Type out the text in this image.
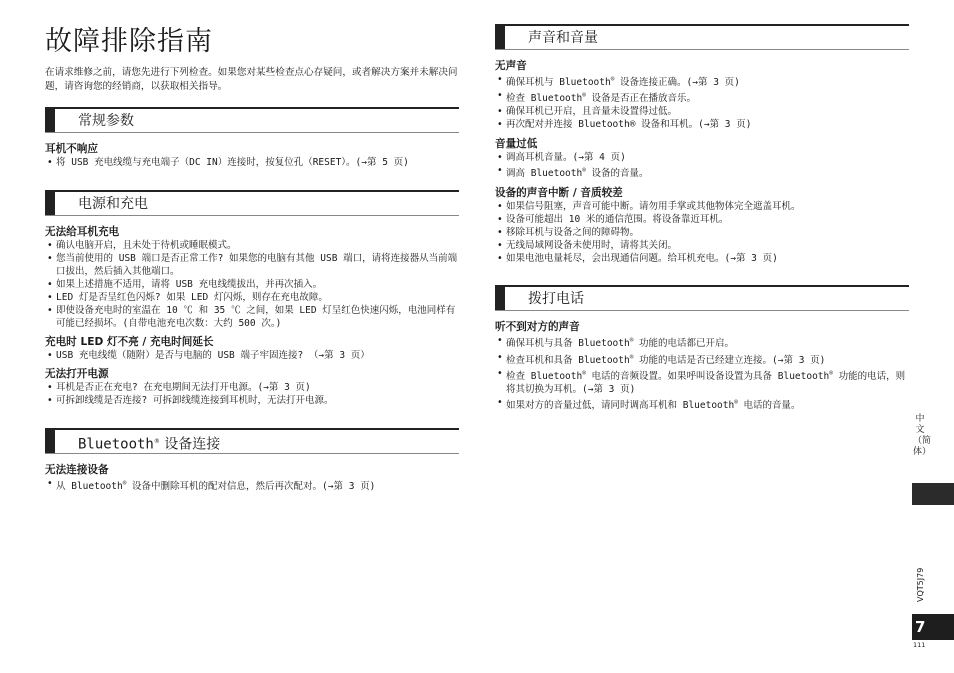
故障排除指南

在请求维修之前，请您先进行下列检查。如果您对某些检查点心存疑问，或者解决方案并未解决问题，请咨询您的经销商，以获取相关指导。

常规参数
耳机不响应

• 将 USB 充电线缆与充电端子（DC IN）连接时，按复位孔（RESET）。(→第 5 页)

电源和充电
无法给耳机充电

• 确认电脑开启，且未处于待机或睡眠模式。

• 您当前使用的 USB 端口是否正常工作? 如果您的电脑有其他 USB 端口，请将连接器从当前端口拔出，然后插入其他端口。

• 如果上述措施不适用，请将 USB 充电线缆拔出，并再次插入。

• LED 灯是否呈红色闪烁? 如果 LED 灯闪烁，则存在充电故障。

• 即使设备充电时的室温在 10 ℃ 和 35 ℃ 之间，如果 LED 灯呈红色快速闪烁，电池同样有可能已经损坏。(自带电池充电次数：大约 500 次。)

充电时 LED 灯不亮 / 充电时间延长

• USB 充电线缆（随附）是否与电脑的 USB 端子牢固连接? （→第 3 页）

无法打开电源

• 耳机是否正在充电? 在充电期间无法打开电源。(→第 3 页)

• 可拆卸线缆是否连接? 可拆卸线缆连接到耳机时，无法打开电源。

Bluetooth® 设备连接
无法连接设备

• 从 Bluetooth® 设备中删除耳机的配对信息，然后再次配对。(→第 3 页)

声音和音量
无声音

• 确保耳机与 Bluetooth® 设备连接正确。(→第 3 页)

• 检查 Bluetooth® 设备是否正在播放音乐。

• 确保耳机已开启，且音量未设置得过低。

• 再次配对并连接 Bluetooth® 设备和耳机。(→第 3 页)

音量过低

• 调高耳机音量。(→第 4 页)

• 调高 Bluetooth® 设备的音量。

设备的声音中断 / 音质较差

• 如果信号阻塞，声音可能中断。请勿用手掌或其他物体完全遮盖耳机。

• 设备可能超出 10 米的通信范围。将设备靠近耳机。

• 移除耳机与设备之间的障碍物。

• 无线局域网设备未使用时，请将其关闭。

• 如果电池电量耗尽，会出现通信问题。给耳机充电。(→第 3 页)

拨打电话
听不到对方的声音

• 确保耳机与具备 Bluetooth® 功能的电话都已开启。

• 检查耳机和具备 Bluetooth® 功能的电话是否已经建立连接。(→第 3 页)

• 检查 Bluetooth® 电话的音频设置。如果呼叫设备设置为具备 Bluetooth® 功能的电话，则将其切换为耳机。(→第 3 页)

• 如果对方的音量过低，请同时调高耳机和 Bluetooth® 电话的音量。

中文（简体）
VQT5J79
7
111
